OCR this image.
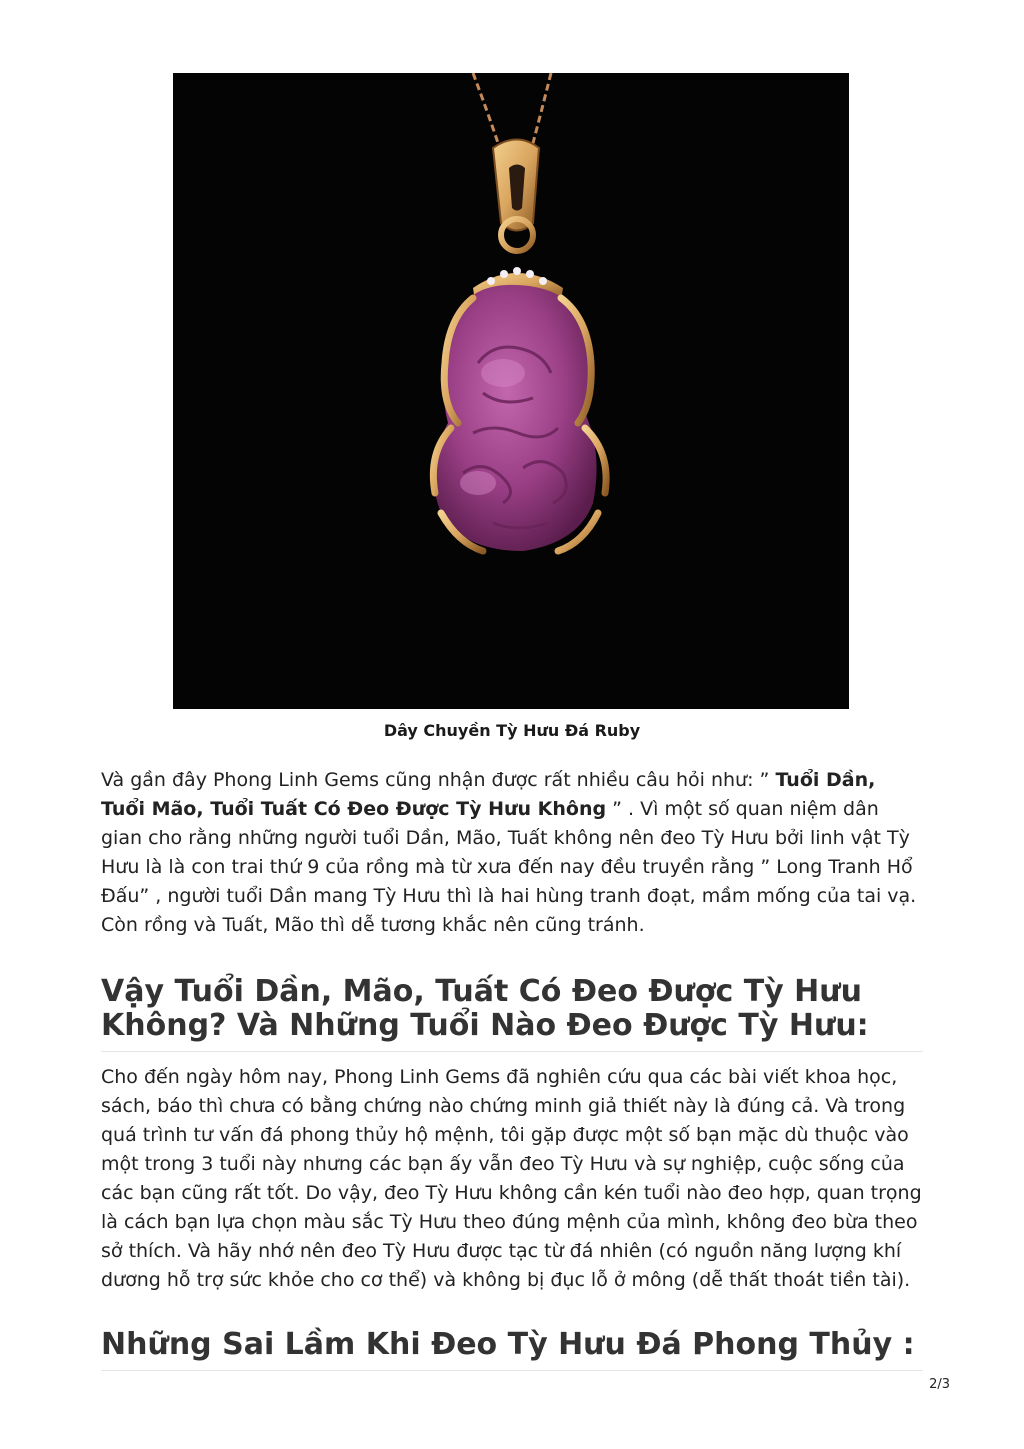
Dây Chuyền Tỳ Hưu Đá Ruby

Và gần đây Phong Linh Gems cũng nhận được rất nhiều câu hỏi như: ” Tuổi Dần, Tuổi Mão, Tuổi Tuất Có Đeo Được Tỳ Hưu Không ” . Vì một số quan niệm dân gian cho rằng những người tuổi Dần, Mão, Tuất không nên đeo Tỳ Hưu bởi linh vật Tỳ Hưu là là con trai thứ 9 của rồng mà từ xưa đến nay đều truyền rằng ” Long Tranh Hổ Đấu” , người tuổi Dần mang Tỳ Hưu thì là hai hùng tranh đoạt, mầm mống của tai vạ. Còn rồng và Tuất, Mão thì dễ tương khắc nên cũng tránh.

Vậy Tuổi Dần, Mão, Tuất Có Đeo Được Tỳ Hưu Không? Và Những Tuổi Nào Đeo Được Tỳ Hưu:

Cho đến ngày hôm nay, Phong Linh Gems đã nghiên cứu qua các bài viết khoa học, sách, báo thì chưa có bằng chứng nào chứng minh giả thiết này là đúng cả. Và trong quá trình tư vấn đá phong thủy hộ mệnh, tôi gặp được một số bạn mặc dù thuộc vào một trong 3 tuổi này nhưng các bạn ấy vẫn đeo Tỳ Hưu và sự nghiệp, cuộc sống của các bạn cũng rất tốt. Do vậy, đeo Tỳ Hưu không cần kén tuổi nào đeo hợp, quan trọng là cách bạn lựa chọn màu sắc Tỳ Hưu theo đúng mệnh của mình, không đeo bừa theo sở thích. Và hãy nhớ nên đeo Tỳ Hưu được tạc từ đá nhiên (có nguồn năng lượng khí dương hỗ trợ sức khỏe cho cơ thể) và không bị đục lỗ ở mông (dễ thất thoát tiền tài).

Những Sai Lầm Khi Đeo Tỳ Hưu Đá Phong Thủy :
2/3
